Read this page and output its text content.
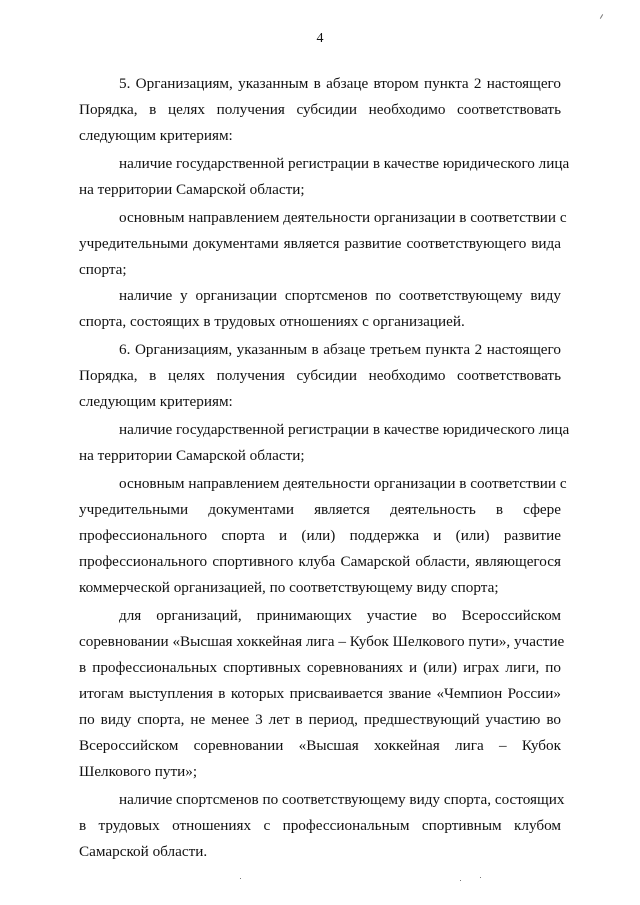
4
5. Организациям, указанным в абзаце втором пункта 2 настоящего
Порядка, в целях получения субсидии необходимо соответствовать
следующим критериям:
наличие государственной регистрации в качестве юридического лица
на территории Самарской области;
основным направлением деятельности организации в соответствии с
учредительными документами является развитие соответствующего вида
спорта;
наличие у организации спортсменов по соответствующему виду
спорта, состоящих в трудовых отношениях с организацией.
6. Организациям, указанным в абзаце третьем пункта 2 настоящего
Порядка, в целях получения субсидии необходимо соответствовать
следующим критериям:
наличие государственной регистрации в качестве юридического лица
на территории Самарской области;
основным направлением деятельности организации в соответствии с
учредительными документами является деятельность в сфере
профессионального спорта и (или) поддержка и (или) развитие
профессионального спортивного клуба Самарской области, являющегося
коммерческой организацией, по соответствующему виду спорта;
для организаций, принимающих участие во Всероссийском
соревновании «Высшая хоккейная лига – Кубок Шелкового пути», участие
в профессиональных спортивных соревнованиях и (или) играх лиги, по
итогам выступления в которых присваивается звание «Чемпион России»
по виду спорта, не менее 3 лет в период, предшествующий участию во
Всероссийском соревновании «Высшая хоккейная лига – Кубок
Шелкового пути»;
наличие спортсменов по соответствующему виду спорта, состоящих
в трудовых отношениях с профессиональным спортивным клубом
Самарской области.
